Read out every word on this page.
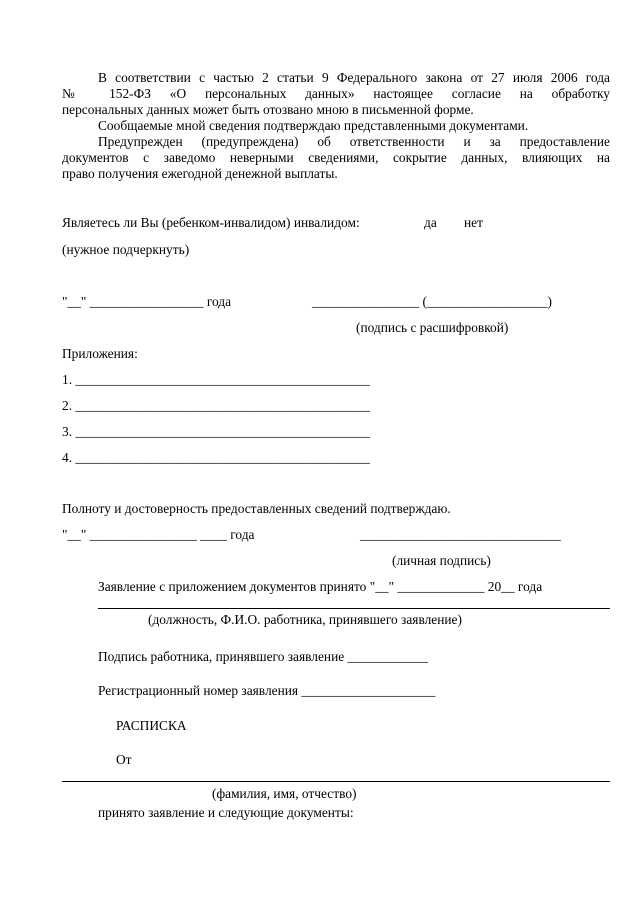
В соответствии с частью 2 статьи 9 Федерального закона от 27 июля 2006 года
№ 152-ФЗ «О персональных данных» настоящее согласие на обработку
персональных данных может быть отозвано мною в письменной форме.
Сообщаемые мной сведения подтверждаю представленными документами.
Предупрежден (предупреждена) об ответственности и за предоставление
документов с заведомо неверными сведениями, сокрытие данных, влияющих на
право получения ежегодной денежной выплаты.
Являетесь ли Вы (ребенком-инвалидом) инвалидом:	да нет
(нужное подчеркнуть)
"__" _________________ года	________________ (__________________)
(подпись с расшифровкой)
Приложения:
1. ____________________________________________
2. ____________________________________________
3. ____________________________________________
4. ____________________________________________
Полноту и достоверность предоставленных сведений подтверждаю.
"__" ________________ ____ года	______________________________
(личная подпись)
Заявление с приложением документов принято "__" _____________ 20__ года
(должность, Ф.И.О. работника, принявшего заявление)
Подпись работника, принявшего заявление ____________
Регистрационный номер заявления ____________________
РАСПИСКА
От
(фамилия, имя, отчество)
принято заявление и следующие документы:
